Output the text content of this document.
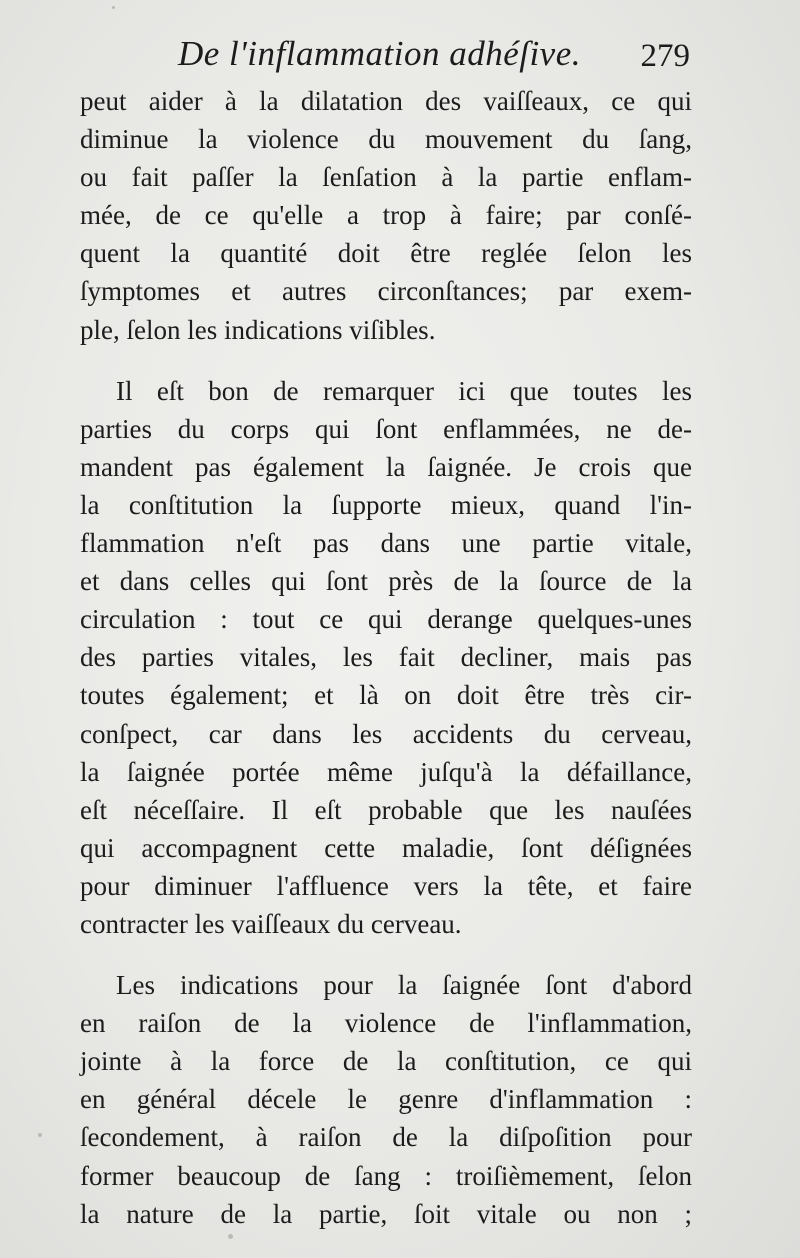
De l'inflammation adhéſive. 279
peut aider à la dilatation des vaiſſeaux, ce qui
diminue la violence du mouvement du ſang,
ou fait paſſer la ſenſation à la partie enflam-
mée, de ce qu'elle a trop à faire; par conſé-
quent la quantité doit être reglée ſelon les
ſymptomes et autres circonſtances; par exem-
ple, ſelon les indications viſibles.
Il eſt bon de remarquer ici que toutes les
parties du corps qui ſont enflammées, ne de-
mandent pas également la ſaignée. Je crois que
la conſtitution la ſupporte mieux, quand l'in-
flammation n'eſt pas dans une partie vitale,
et dans celles qui ſont près de la ſource de la
circulation : tout ce qui derange quelques-unes
des parties vitales, les fait decliner, mais pas
toutes également; et là on doit être très cir-
conſpect, car dans les accidents du cerveau,
la ſaignée portée même juſqu'à la défaillance,
eſt néceſſaire. Il eſt probable que les nauſées
qui accompagnent cette maladie, ſont déſignées
pour diminuer l'affluence vers la tête, et faire
contracter les vaiſſeaux du cerveau.
Les indications pour la ſaignée ſont d'abord
en raiſon de la violence de l'inflammation,
jointe à la force de la conſtitution, ce qui
en général décele le genre d'inflammation :
ſecondement, à raiſon de la diſpoſition pour
former beaucoup de ſang : troiſièmement, ſelon
la nature de la partie, ſoit vitale ou non ;
